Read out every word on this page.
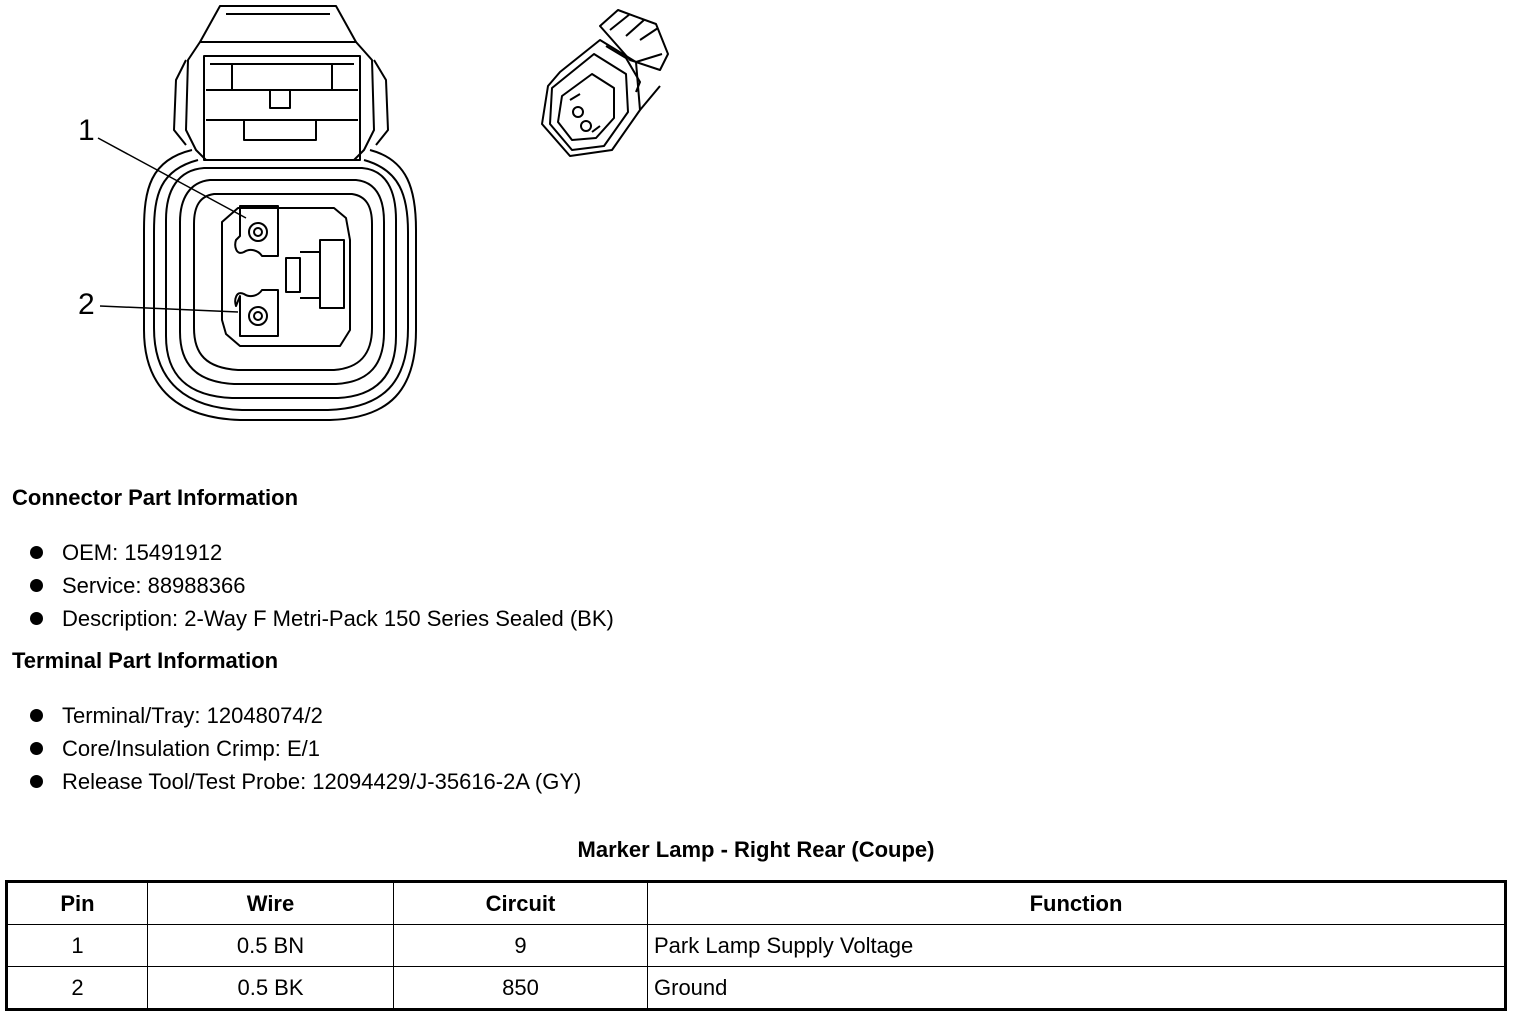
1
2
Connector Part Information
OEM: 15491912
Service: 88988366
Description: 2-Way F Metri-Pack 150 Series Sealed (BK)
Terminal Part Information
Terminal/Tray: 12048074/2
Core/Insulation Crimp: E/1
Release Tool/Test Probe: 12094429/J-35616-2A (GY)
Marker Lamp - Right Rear (Coupe)
Pin	Wire	Circuit	Function
1	0.5 BN	9	Park Lamp Supply Voltage
2	0.5 BK	850	Ground
